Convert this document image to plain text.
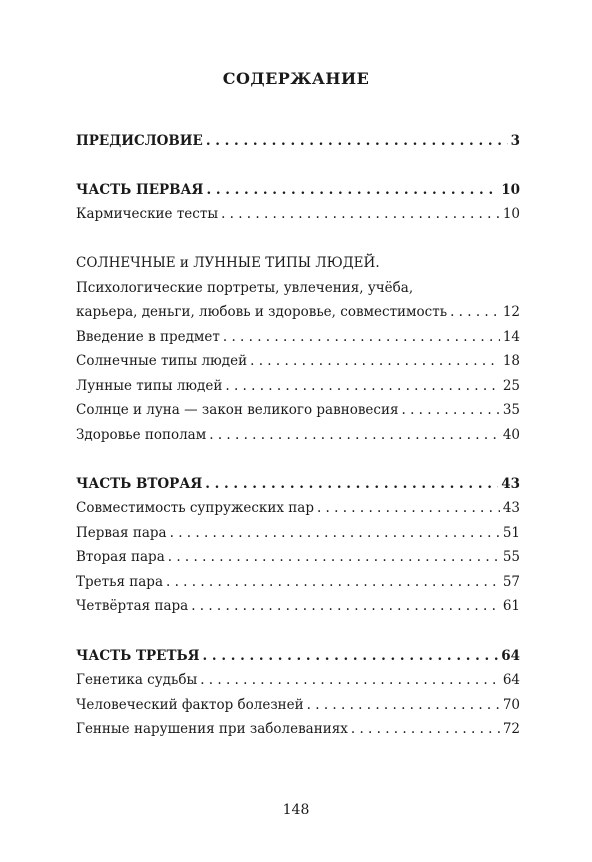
СОДЕРЖАНИЕ
ПРЕДИСЛОВИЕ . . .	3
ЧАСТЬ ПЕРВАЯ . . .	10
Кармические тесты . . .	10
СОЛНЕЧНЫЕ и ЛУННЫЕ ТИПЫ ЛЮДЕЙ.
Психологические портреты, увлечения, учёба,
карьера, деньги, любовь и здоровье, совместимость . . .	12
Введение в предмет . . .	14
Солнечные типы людей . . .	18
Лунные типы людей . . .	25
Солнце и луна — закон великого равновесия . . .	35
Здоровье пополам . . .	40
ЧАСТЬ ВТОРАЯ . . .	43
Совместимость супружеских пар . . .	43
Первая пара . . .	51
Вторая пара . . .	55
Третья пара . . .	57
Четвёртая пара . . .	61
ЧАСТЬ ТРЕТЬЯ . . .	64
Генетика судьбы . . .	64
Человеческий фактор болезней . . .	70
Генные нарушения при заболеваниях . . .	72
148
